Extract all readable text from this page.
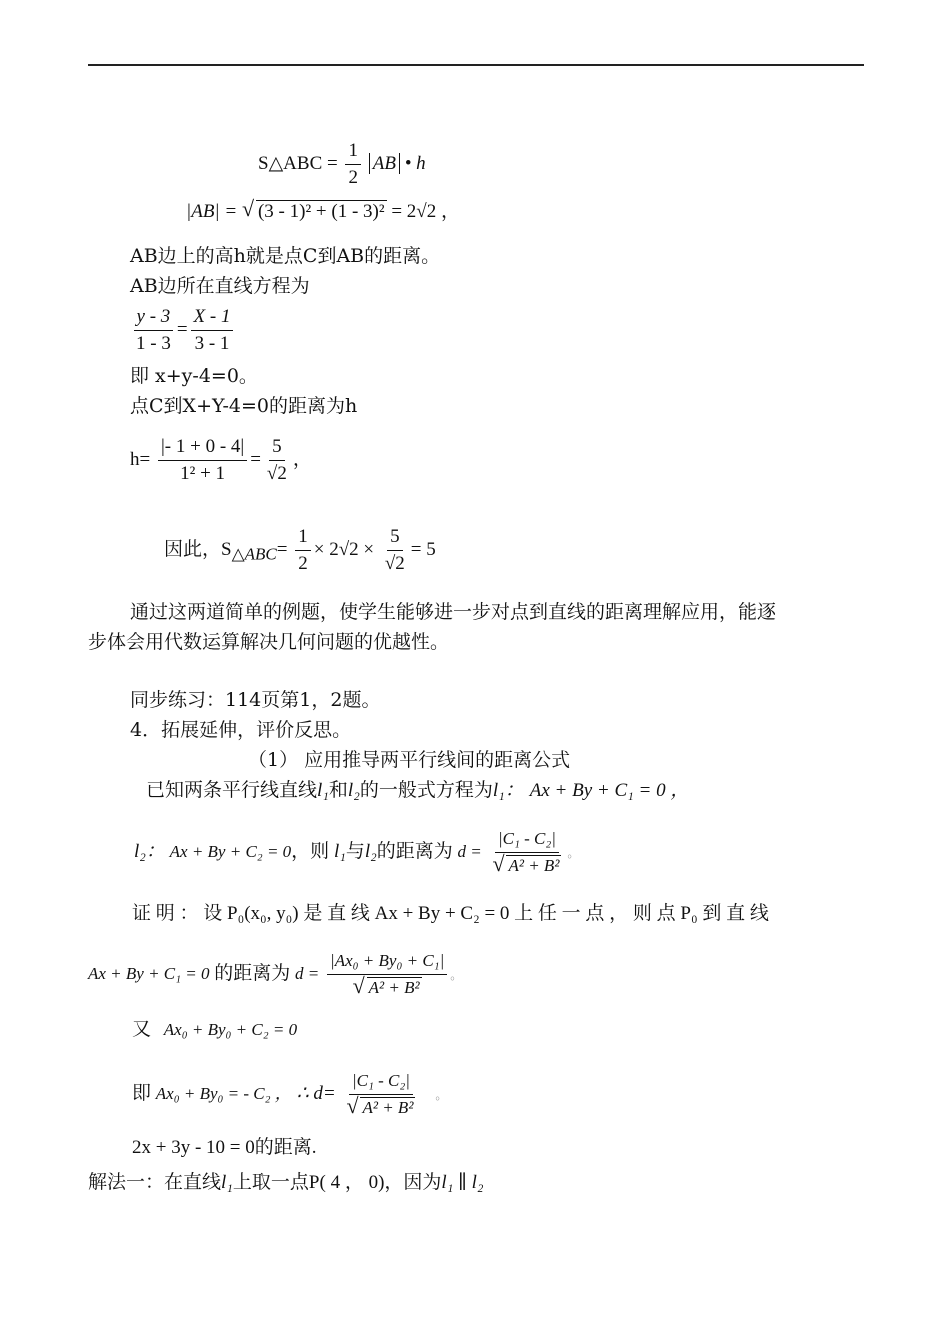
S△ABC = $\frac{1}{2}$ AB • h
|AB| = √ (3 - 1)² + (1 - 3)² = 2√2 ，
AB边上的高h就是点C到AB的距离。
AB边所在直线方程为
$\frac{y - 3}{1 - 3} = \frac{X - 1}{3 - 1}$
即 x+y-4=0。
点C到X+Y-4=0的距离为h
$h= \frac{|- 1 + 0 - 4|}{\text{1² + 1}} = \frac{5}{√2}$ ，
因此，$S_{\triangle ABC}= \frac{1}{2} \times 2√2 \times \frac{5}{√2} = 5$
通过这两道简单的例题，使学生能够进一步对点到直线的距离理解应用，能逐
步体会用代数运算解决几何问题的优越性。
同步练习：114页第1，2题。
4．拓展延伸，评价反思。
（1） 应用推导两平行线间的距离公式
已知两条平行线直线l₁和l₂的一般式方程为l₁： Ax + By + C₁ = 0 ，
l₂： Ax + By + C₂ = 0，则 l₁与l₂的距离为 $d = \frac{\text{|C₁ - C₂|}}{\text{√ A² + B²}}$ 。
证 明 ： 设 P₀(x₀, y₀) 是 直 线 Ax + By + C₂ = 0 上 任 一 点 ， 则 点 P₀ 到 直 线
Ax + By + C₁ = 0 的距离为 $d = \frac{\text{|Ax₀ + By₀ + C₁|}}{\text{√ A² + B²}}$ 。
又 Ax₀ + By₀ + C₂ = 0
即 Ax₀ + By₀ = - C₂ ， ∴ $d= \frac{\text{|C₁ - C₂|}}{\text{√ A² + B²}}$ 。
2x + 3y - 10 = 0的距离.
解法一：在直线l₁上取一点P( 4 ， 0)，因为l₁ ∥ l₂
